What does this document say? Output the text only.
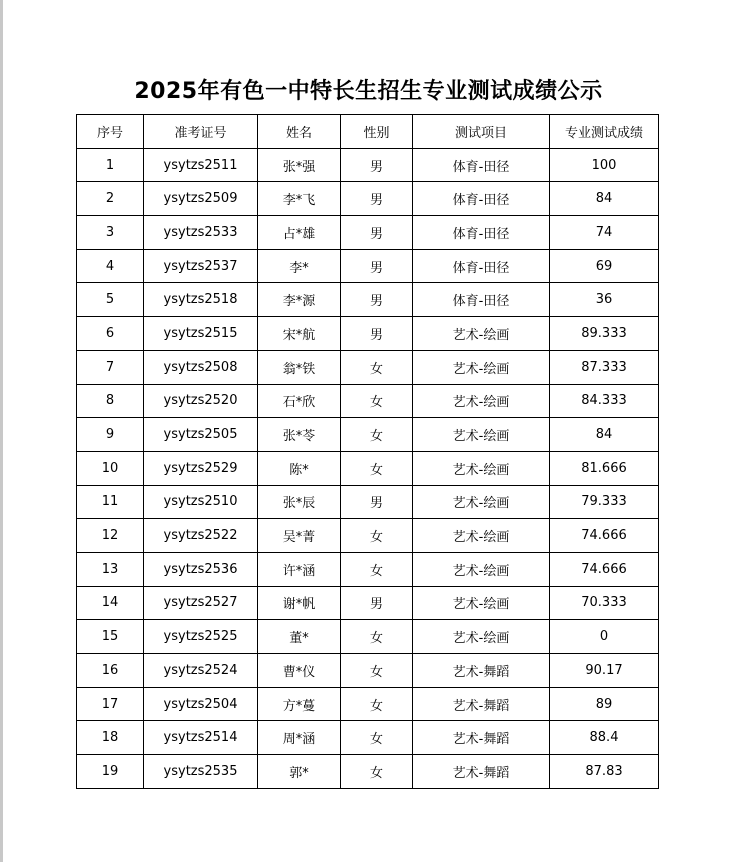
2025年有色一中特长生招生专业测试成绩公示
序号	准考证号	姓名	性别	测试项目	专业测试成绩
1	ysytzs2511	张*强	男	体育-田径	100
2	ysytzs2509	李*飞	男	体育-田径	84
3	ysytzs2533	占*雄	男	体育-田径	74
4	ysytzs2537	李*	男	体育-田径	69
5	ysytzs2518	李*源	男	体育-田径	36
6	ysytzs2515	宋*航	男	艺术-绘画	89.333
7	ysytzs2508	翁*铁	女	艺术-绘画	87.333
8	ysytzs2520	石*欣	女	艺术-绘画	84.333
9	ysytzs2505	张*苓	女	艺术-绘画	84
10	ysytzs2529	陈*	女	艺术-绘画	81.666
11	ysytzs2510	张*辰	男	艺术-绘画	79.333
12	ysytzs2522	吴*菁	女	艺术-绘画	74.666
13	ysytzs2536	许*涵	女	艺术-绘画	74.666
14	ysytzs2527	谢*帆	男	艺术-绘画	70.333
15	ysytzs2525	董*	女	艺术-绘画	0
16	ysytzs2524	曹*仪	女	艺术-舞蹈	90.17
17	ysytzs2504	方*蔓	女	艺术-舞蹈	89
18	ysytzs2514	周*涵	女	艺术-舞蹈	88.4
19	ysytzs2535	郭*	女	艺术-舞蹈	87.83
